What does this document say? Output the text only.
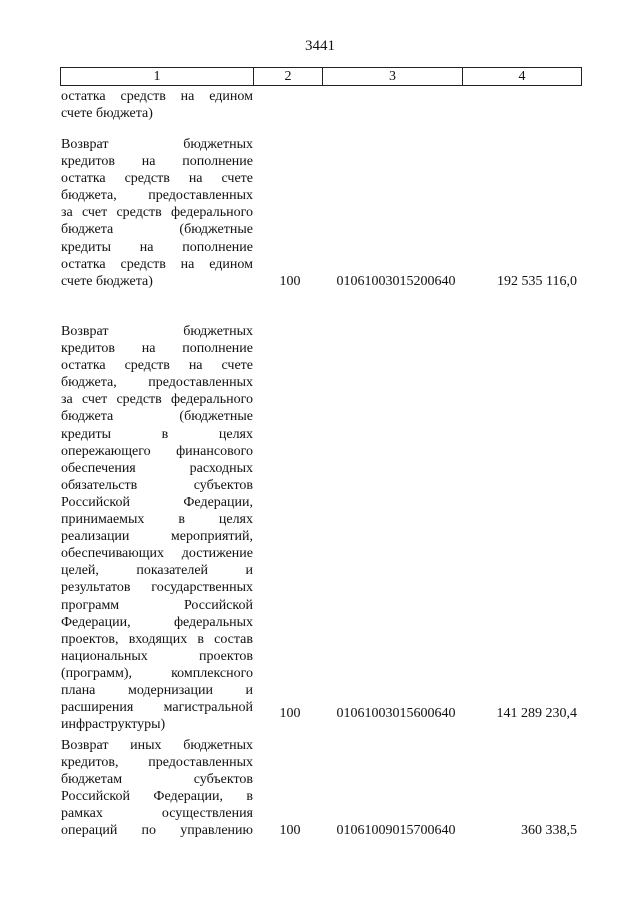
3441
1	2	3	4
остатка средств на едином
счете бюджета)
Возврат бюджетных
кредитов на пополнение
остатка средств на счете
бюджета, предоставленных
за счет средств федерального
бюджета (бюджетные
кредиты на пополнение
остатка средств на едином
счете бюджета)	100	01061003015200640	192 535 116,0
Возврат бюджетных
кредитов на пополнение
остатка средств на счете
бюджета, предоставленных
за счет средств федерального
бюджета (бюджетные
кредиты в целях
опережающего финансового
обеспечения расходных
обязательств субъектов
Российской Федерации,
принимаемых в целях
реализации мероприятий,
обеспечивающих достижение
целей, показателей и
результатов государственных
программ Российской
Федерации, федеральных
проектов, входящих в состав
национальных проектов
(программ), комплексного
плана модернизации и
расширения магистральной
инфраструктуры)
100	01061003015600640	141 289 230,4
Возврат иных бюджетных
кредитов, предоставленных
бюджетам субъектов
Российской Федерации, в
рамках осуществления
операций по управлению	100	01061009015700640	360 338,5
